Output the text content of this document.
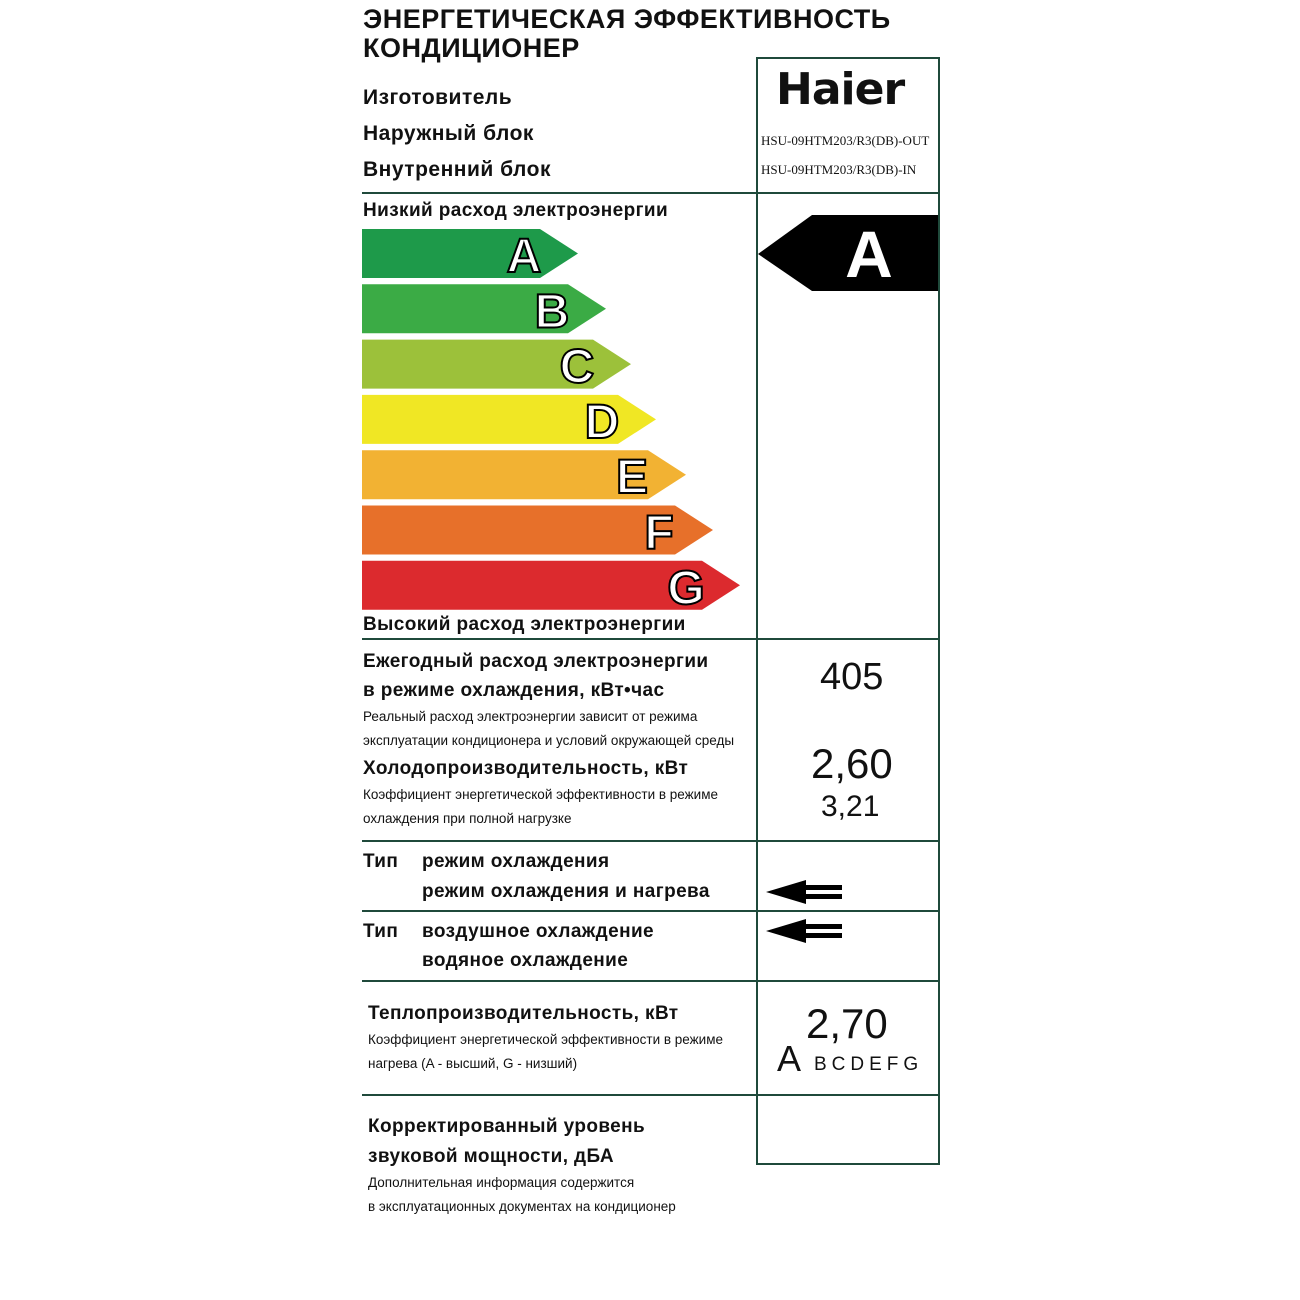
ЭНЕРГЕТИЧЕСКАЯ ЭФФЕКТИВНОСТЬ
КОНДИЦИОНЕР
Изготовитель
Наружный блок
Внутренний блок
Haier
HSU-09HTM203/R3(DB)-OUT
HSU-09HTM203/R3(DB)-IN
Низкий расход электроэнергии
Высокий расход электроэнергии
A
B
C
D
E
F
G
A
Ежегодный расход электроэнергии
в режиме охлаждения, кВт•час
Реальный расход электроэнергии зависит от режима
эксплуатации кондиционера и условий окружающей среды
405
Холодопроизводительность, кВт
Коэффициент энергетической эффективности в режиме
охлаждения при полной нагрузке
2,60
3,21
Тип режим охлаждения
режим охлаждения и нагрева
Тип воздушное охлаждение
водяное охлаждение
Теплопроизводительность, кВт
Коэффициент энергетической эффективности в режиме
нагрева (A - высший, G - низший)
2,70
A BCDEFG
Корректированный уровень
звуковой мощности, дБА
Дополнительная информация содержится
в эксплуатационных документах на кондиционер
